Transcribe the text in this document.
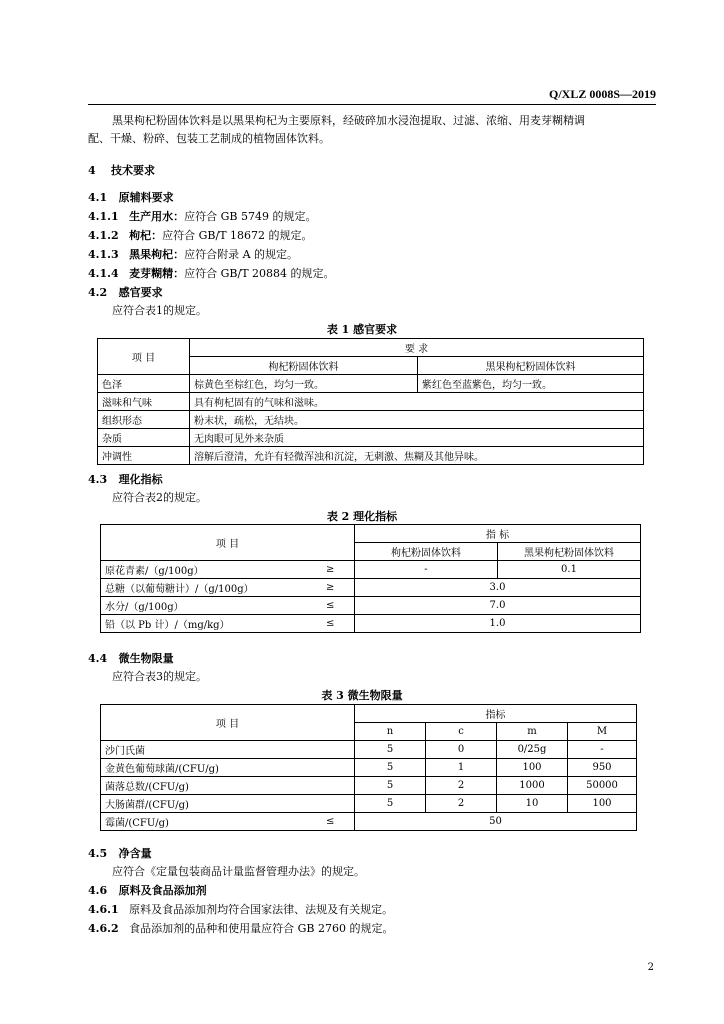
Q/XLZ 0008S—2019
黑果枸杞粉固体饮料是以黑果枸杞为主要原料，经破碎加水浸泡提取、过滤、浓缩、用麦芽糊精调
配、干燥、粉碎、包装工艺制成的植物固体饮料。
4 技术要求
4.1 原辅料要求
4.1.1 生产用水：应符合 GB 5749 的规定。
4.1.2 枸杞：应符合 GB/T 18672 的规定。
4.1.3 黑果枸杞：应符合附录 A 的规定。
4.1.4 麦芽糊精：应符合 GB/T 20884 的规定。
4.2 感官要求
应符合表1的规定。
表 1 感官要求
项 目	要 求	
	枸杞粉固体饮料	黑果枸杞粉固体饮料
色泽	棕黄色至棕红色，均匀一致。	紫红色至蓝紫色，均匀一致。
滋味和气味	具有枸杞固有的气味和滋味。	
组织形态	粉末状，疏松，无结块。	
杂质	无肉眼可见外来杂质	
冲调性	溶解后澄清，允许有轻微浑浊和沉淀，无刺激、焦糊及其他异味。	
4.3 理化指标
应符合表2的规定。
表 2 理化指标
项 目		指 标	
		枸杞粉固体饮料	黑果枸杞粉固体饮料
原花青素/（g/100g）	≥	-	0.1
总糖（以葡萄糖计）/（g/100g）	≥	3.0	
水分/（g/100g）	≤	7.0	
铅（以 Pb 计）/（mg/kg）	≤	1.0	
4.4 微生物限量
应符合表3的规定。
表 3 微生物限量
项 目		指标			
		n	c	m	M
沙门氏菌		5	0	0/25g	-
金黄色葡萄球菌/(CFU/g)		5	1	100	950
菌落总数/(CFU/g)		5	2	1000	50000
大肠菌群/(CFU/g)		5	2	10	100
霉菌/(CFU/g)	≤	50			
4.5 净含量
应符合《定量包装商品计量监督管理办法》的规定。
4.6 原料及食品添加剂
4.6.1 原料及食品添加剂均符合国家法律、法规及有关规定。
4.6.2 食品添加剂的品种和使用量应符合 GB 2760 的规定。
2
